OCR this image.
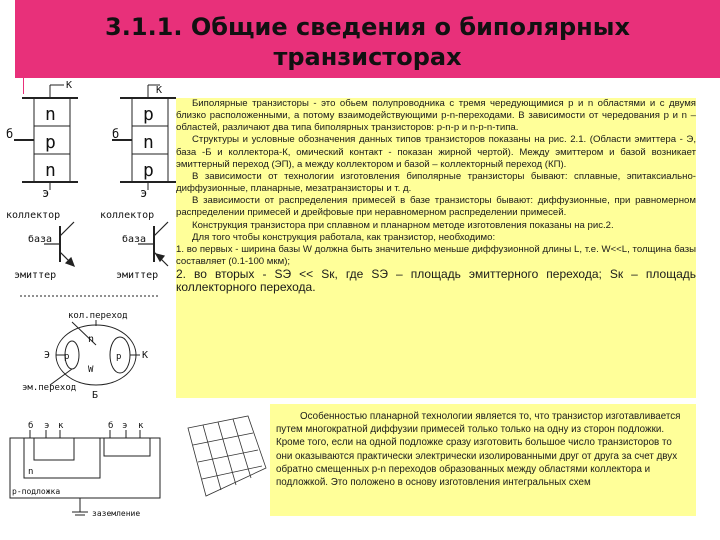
3.1.1. Общие сведения о биполярных
транзисторах
К
б
э
n
p
n
К
б
э
p
n
p
коллектор
база
эмиттер
коллектор
база
эмиттер
кол.переход
эм.переход
n
p	p
W
Э
Б
К
б э к	б э к
n
p-подложка
заземление

Биполярные транзисторы - это обьем полупроводника с тремя чередующимися р и n областями и с двумя близко расположенными, а потому взаимодействующими р-n-переходами. В зависимости от чередования р и n –областей, различают два типа биполярных транзисторов: р-n-р и n-р-n-типа.

Структуры и условные обозначения данных типов транзисторов показаны на рис. 2.1. (Области эмиттера - Э, база -Б и коллектора-К, омический контакт - показан жирной чертой). Между эмиттером и базой возникает эмиттерный переход (ЭП), а между коллектором и базой – коллекторный переход (КП).

В зависимости от технологии изготовления биполярные транзисторы бывают: сплавные, эпитаксиально-диффузионные, планарные, мезатранзисторы и т. д.

В зависимости от распределения примесей в базе транзисторы бывают: диффузионные, при равномерном распределении примесей и дрейфовые при неравномерном распределении примесей.

Конструкция транзистора при сплавном и планарном методе изготовления показаны на рис.2.

Для того чтобы конструкция работала, как транзистор, необходимо:

1. во первых - ширина базы W должна быть значительно меньше диффузионной длины L, т.е. W<<L, толщина базы составляет (0.1-100 мкм);

2. во вторых - SЭ << Sк, где SЭ – площадь эмиттерного перехода; Sк – площадь коллекторного перехода.

Особенностью планарной технологии является то, что транзистор изготавливается путем многократной диффузии примесей только только на одну из сторон подложки. Кроме того, если на одной подложке сразу изготовить большое число транзисторов то они оказываются практически электрически изолированными друг от друга за счет двух обратно смещенных р-n переходов образованных между областями коллектора и подложкой. Это положено в основу изготовления интегральных схем
